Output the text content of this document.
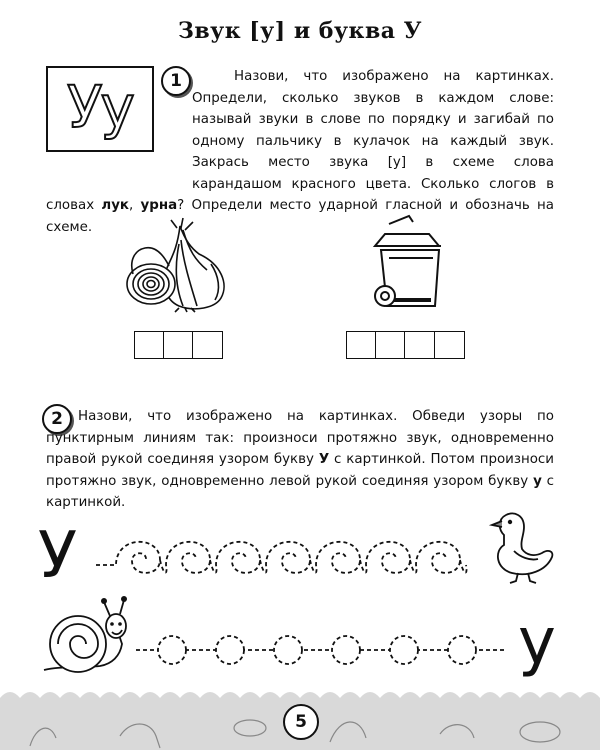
Звук [у] и буква У
Уу	1	Назови, что изображено на картинках. Определи, сколько звуков в каждом слове: называй звуки в слове по порядку и загибай по одному пальчику в кулачок на каждый звук. Закрась место звука [у] в схеме слова карандашом красного цвета. Сколько слогов в словах лук, урна? Определи место ударной гласной и обозначь на схеме.

2	Назови, что изображено на картинках. Обведи узоры по пунктирным линиям так: произноси протяжно звук, одновременно правой рукой соединяя узором букву У с картинкой. Потом произноси протяжно звук, одновременно левой рукой соединяя узором букву у с картинкой.

У
у
5
